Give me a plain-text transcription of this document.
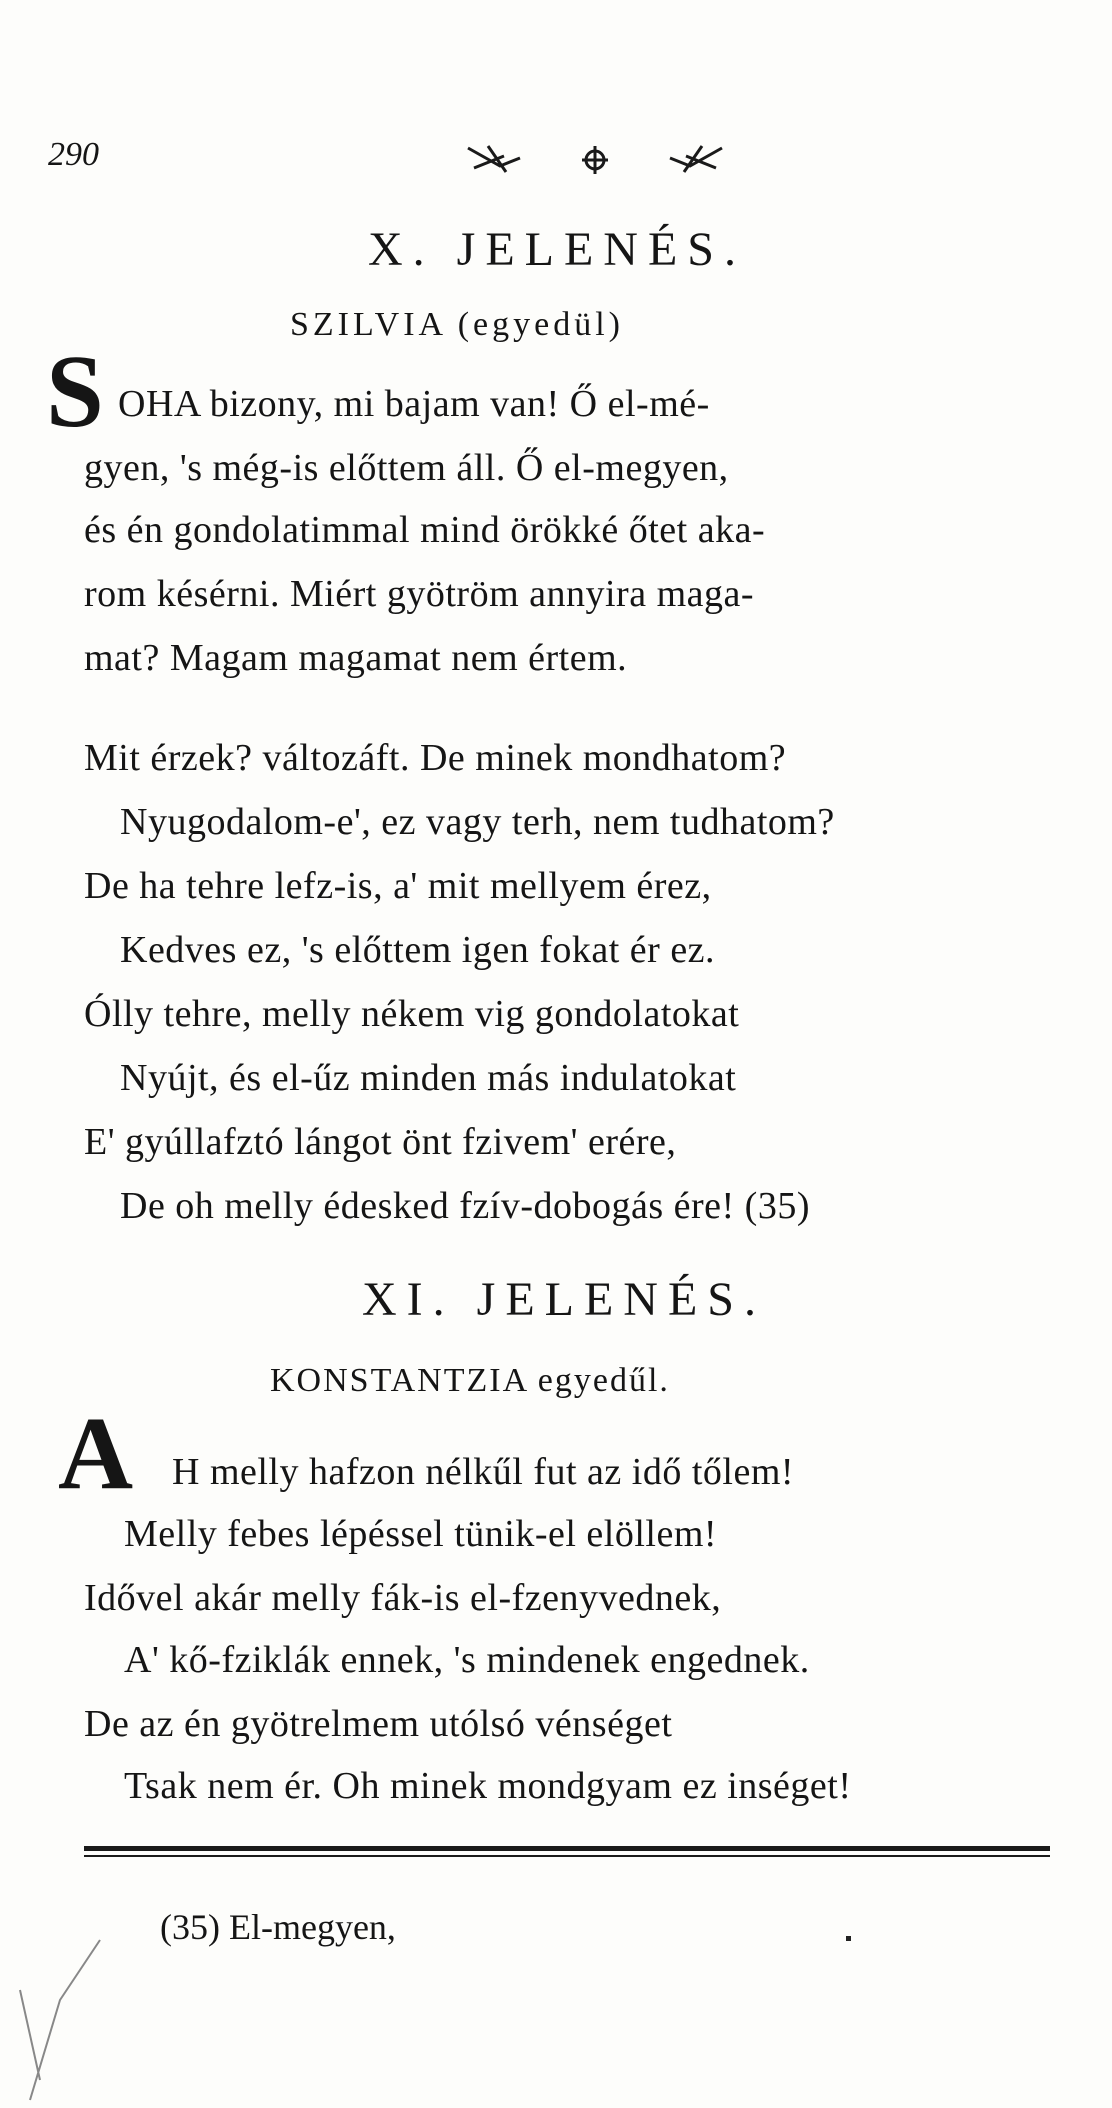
290
X. JELENÉS.
SZILVIA (egyedül)
S OHA bizony, mi bajam van! Ő el-mé-
gyen, 's még-is előttem áll. Ő el-megyen,
és én gondolatimmal mind örökké őtet aka-
rom késérni. Miért gyötröm annyira maga-
mat? Magam magamat nem értem.
Mit érzek? változáft. De minek mondhatom?
Nyugodalom-e', ez vagy terh, nem tudhatom?
De ha tehre lefz-is, a' mit mellyem érez,
Kedves ez, 's előttem igen fokat ér ez.
Ólly tehre, melly nékem vig gondolatokat
Nyújt, és el-űz minden más indulatokat
E' gyúllafztó lángot önt fzivem' erére,
De oh melly édesked fzív-dobogás ére! (35)
XI. JELENÉS.
KONSTANTZIA egyedűl.
A H melly hafzon nélkűl fut az idő tőlem!
Melly febes lépéssel tünik-el elöllem!
Idővel akár melly fák-is el-fzenyvednek,
A' kő-fziklák ennek, 's mindenek engednek.
De az én gyötrelmem utólsó vénséget
Tsak nem ér. Oh minek mondgyam ez inséget!
(35) El-megyen,
